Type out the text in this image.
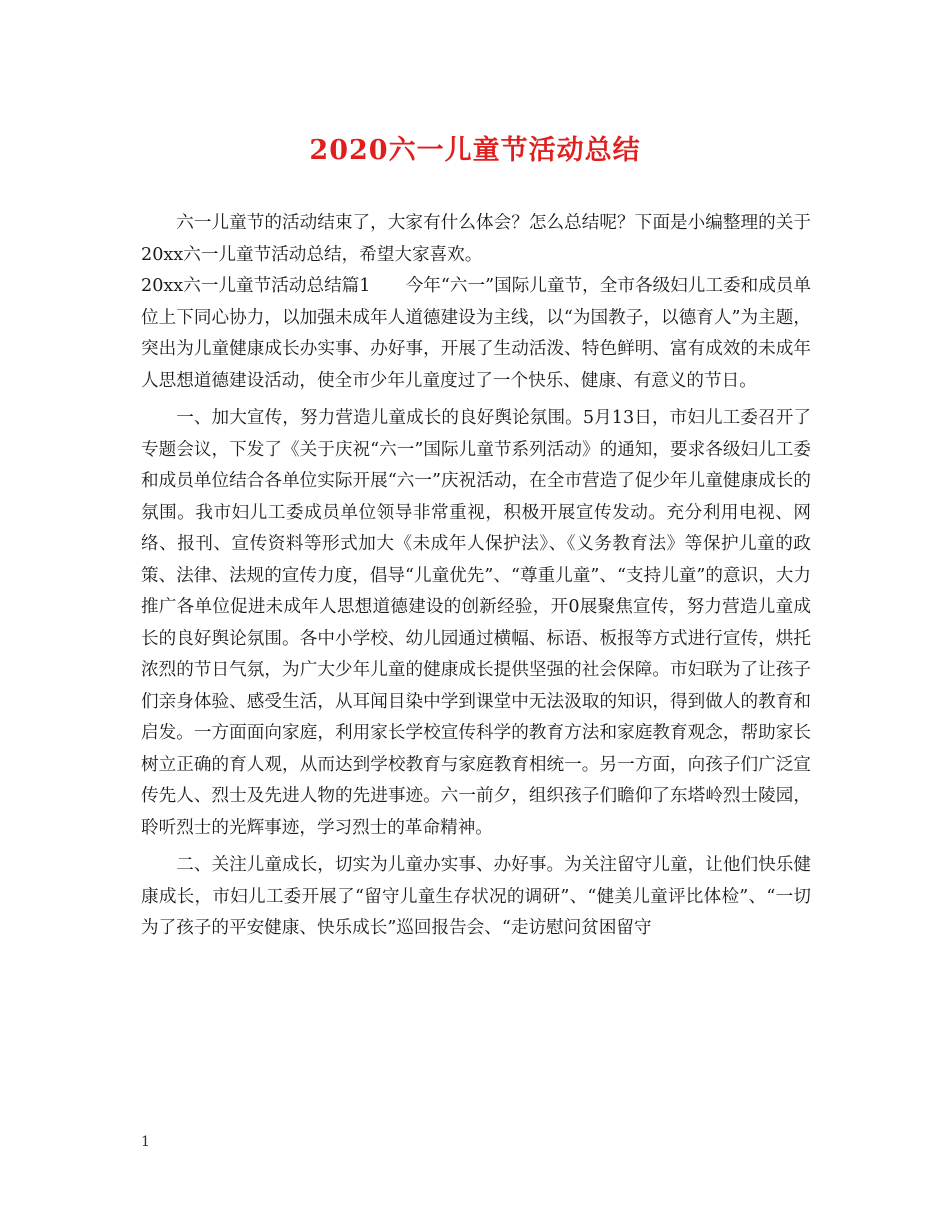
2020六一儿童节活动总结

六一儿童节的活动结束了，大家有什么体会？怎么总结呢？下面是小编整理的关于20xx六一儿童节活动总结，希望大家喜欢。

20xx六一儿童节活动总结篇1　　今年“六一”国际儿童节，全市各级妇儿工委和成员单位上下同心协力，以加强未成年人道德建设为主线，以“为国教子，以德育人”为主题，突出为儿童健康成长办实事、办好事，开展了生动活泼、特色鲜明、富有成效的未成年人思想道德建设活动，使全市少年儿童度过了一个快乐、健康、有意义的节日。

一、加大宣传，努力营造儿童成长的良好舆论氛围。5月13日，市妇儿工委召开了专题会议，下发了《关于庆祝“六一”国际儿童节系列活动》的通知，要求各级妇儿工委和成员单位结合各单位实际开展“六一”庆祝活动，在全市营造了促少年儿童健康成长的氛围。我市妇儿工委成员单位领导非常重视，积极开展宣传发动。充分利用电视、网络、报刊、宣传资料等形式加大《未成年人保护法》、《义务教育法》等保护儿童的政策、法律、法规的宣传力度，倡导“儿童优先”、“尊重儿童”、“支持儿童”的意识，大力推广各单位促进未成年人思想道德建设的创新经验，开0展聚焦宣传，努力营造儿童成长的良好舆论氛围。各中小学校、幼儿园通过横幅、标语、板报等方式进行宣传，烘托浓烈的节日气氛，为广大少年儿童的健康成长提供坚强的社会保障。市妇联为了让孩子们亲身体验、感受生活，从耳闻目染中学到课堂中无法汲取的知识，得到做人的教育和启发。一方面面向家庭，利用家长学校宣传科学的教育方法和家庭教育观念，帮助家长树立正确的育人观，从而达到学校教育与家庭教育相统一。另一方面，向孩子们广泛宣传先人、烈士及先进人物的先进事迹。六一前夕，组织孩子们瞻仰了东塔岭烈士陵园，聆听烈士的光辉事迹，学习烈士的革命精神。

二、关注儿童成长，切实为儿童办实事、办好事。为关注留守儿童，让他们快乐健康成长，市妇儿工委开展了“留守儿童生存状况的调研”、“健美儿童评比体检”、“一切为了孩子的平安健康、快乐成长”巡回报告会、“走访慰问贫困留守

1
